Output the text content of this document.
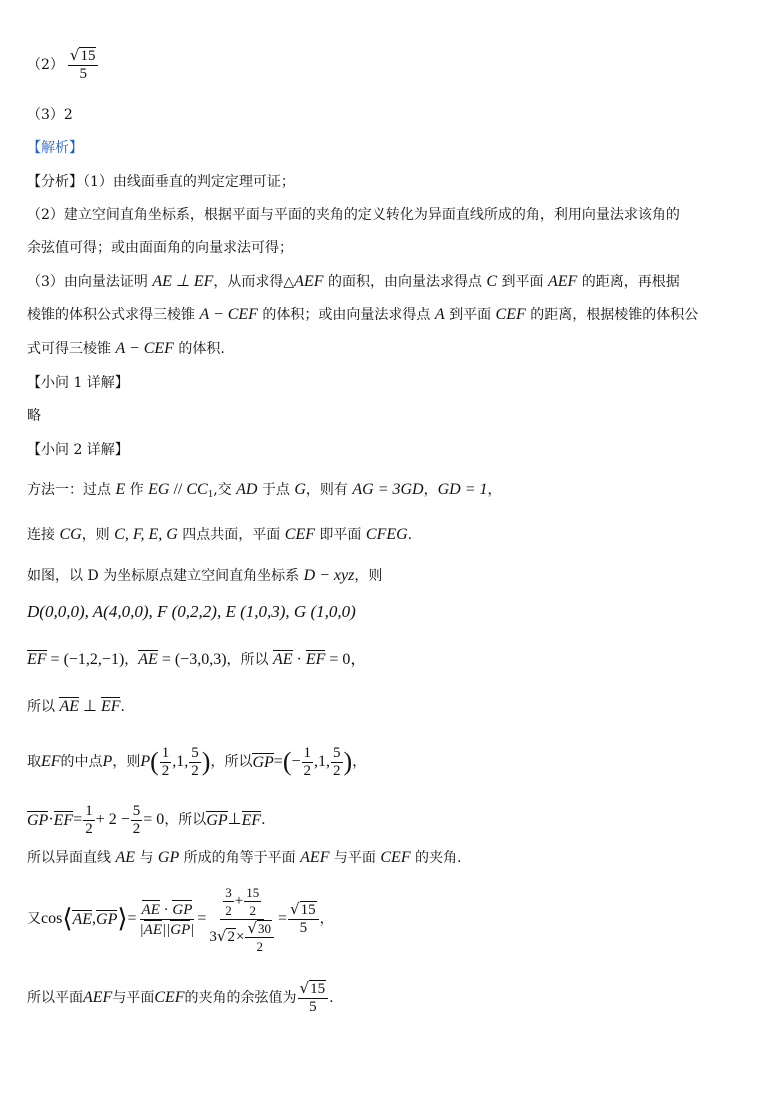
$(2) \frac{√15}{5}$
（3）2
【解析】
【分析】（1）由线面垂直的判定定理可证；
（2）建立空间直角坐标系，根据平面与平面的夹角的定义转化为异面直线所成的角，利用向量法求该角的
余弦值可得；或由面面角的向量求法可得；
（3）由向量法证明 AE ⊥ EF，从而求得△AEF 的面积，由向量法求得点 C 到平面 AEF 的距离，再根据
棱锥的体积公式求得三棱锥 A − CEF 的体积；或由向量法求得点 A 到平面 CEF 的距离，根据棱锥的体积公
式可得三棱锥 A − CEF 的体积.
【小问 1 详解】
略
【小问 2 详解】
方法一：过点 E 作 EG // $CC_1$,交 AD 于点 G，则有 AG = 3GD，GD = 1，
连接 CG，则 C, F, E, G 四点共面，平面 CEF 即平面 CFEG.
如图，以 D 为坐标原点建立空间直角坐标系 D − xyz，则
D(0,0,0), A(4,0,0), F (0,2,2), E (1,0,3), G (1,0,0)
EF = (−1,2,−1)，AE = (−3,0,3)，所以 AE · EF = 0，
所以 AE ⊥ EF.
取 EF 的中点 P ，则 P ( $\frac{1}{2} ,1$, $\frac{5}{2}$ ) ，所以 GP = ( − $\frac{1}{2} ,1$, $\frac{5}{2}$ ) ，
GP · EF = $\frac{1}{2} + 2 - \frac{5}{2} = 0$ ，所以 GP ⊥ EF .
所以异面直线 AE 与 GP 所成的角等于平面 AEF 与平面 CEF 的夹角.
又 cos ⟨ AE , GP ⟩ = $\frac{AE \cdot GP}{|AE||GP|} = \frac{\frac{3}{2} + \frac{15}{2}}{3 √2 \times \frac{√30}{2}} = \frac{√15}{5}$ ，
所以平面 AEF 与平面 CEF 的夹角的余弦值为 $\frac{√15}{5}$ .
